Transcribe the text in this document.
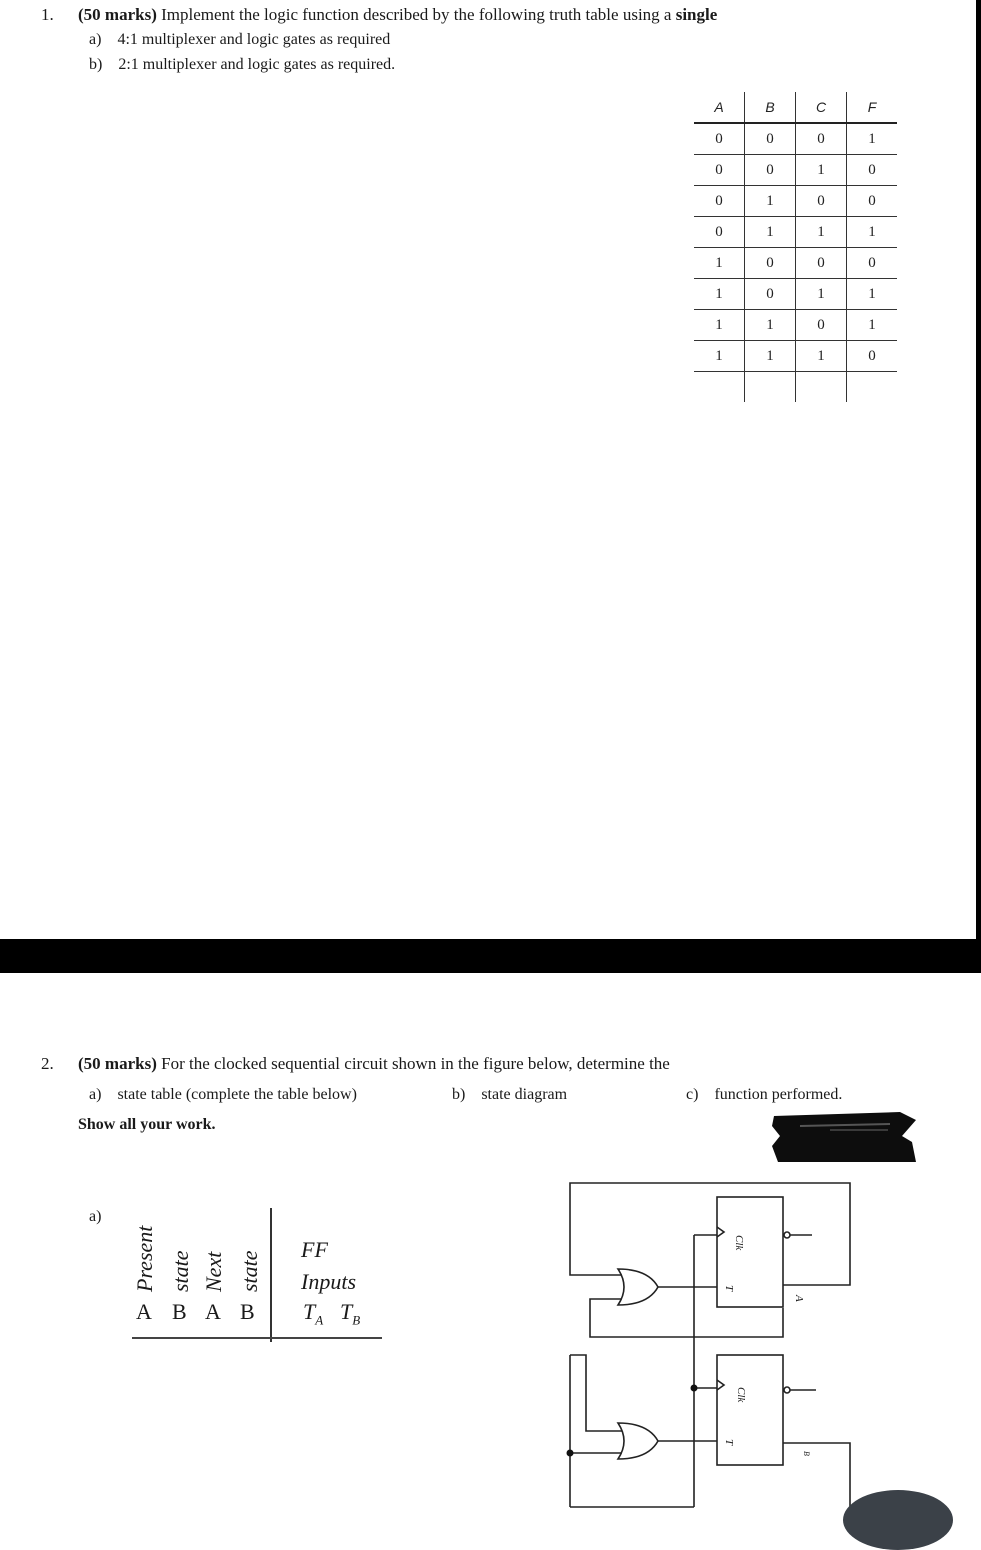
1. (50 marks) Implement the logic function described by the following truth table using a single
a) 4:1 multiplexer and logic gates as required
b) 2:1 multiplexer and logic gates as required.
A	B	C	F
0	0	0	1
0	0	1	0
0	1	0	0
0	1	1	1
1	0	0	0
1	0	1	1
1	1	0	1
1	1	1	0

2. (50 marks) For the clocked sequential circuit shown in the figure below, determine the
a) state table (complete the table below)	b) state diagram	c) function performed.
Show all your work.
a)
Present state Next state
A B A B
FF
Inputs
$T_A$ $T_B$
Clk
T
Clk
T
A
B
